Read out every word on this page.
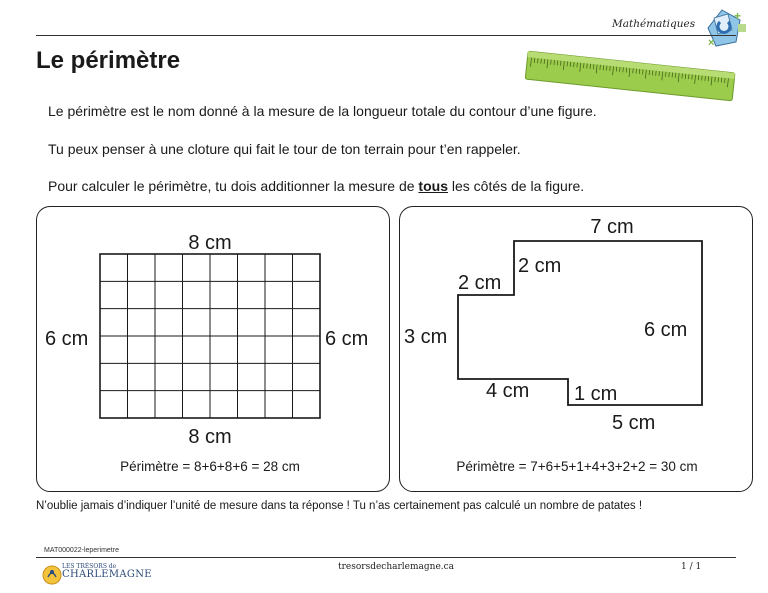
Mathématiques
+
×
Le périmètre

Le périmètre est le nom donné à la mesure de la longueur totale du contour d’une figure.

Tu peux penser à une cloture qui fait le tour de ton terrain pour t’en rappeler.

Pour calculer le périmètre, tu dois additionner la mesure de tous les côtés de la figure.

8 cm
8 cm
6 cm	6 cm
Périmètre = 8+6+8+6 = 28 cm
7 cm
2 cm
2 cm
3 cm	6 cm
4 cm 1 cm
5 cm
Périmètre = 7+6+5+1+4+3+2+2 = 30 cm

N’oublie jamais d’indiquer l’unité de mesure dans ta réponse ! Tu n’as certainement pas calculé un nombre de patates !

MAT000022-leperimetre
LES TRÉSORS de
CHARLEMAGNE
tresorsdecharlemagne.ca	1 / 1
